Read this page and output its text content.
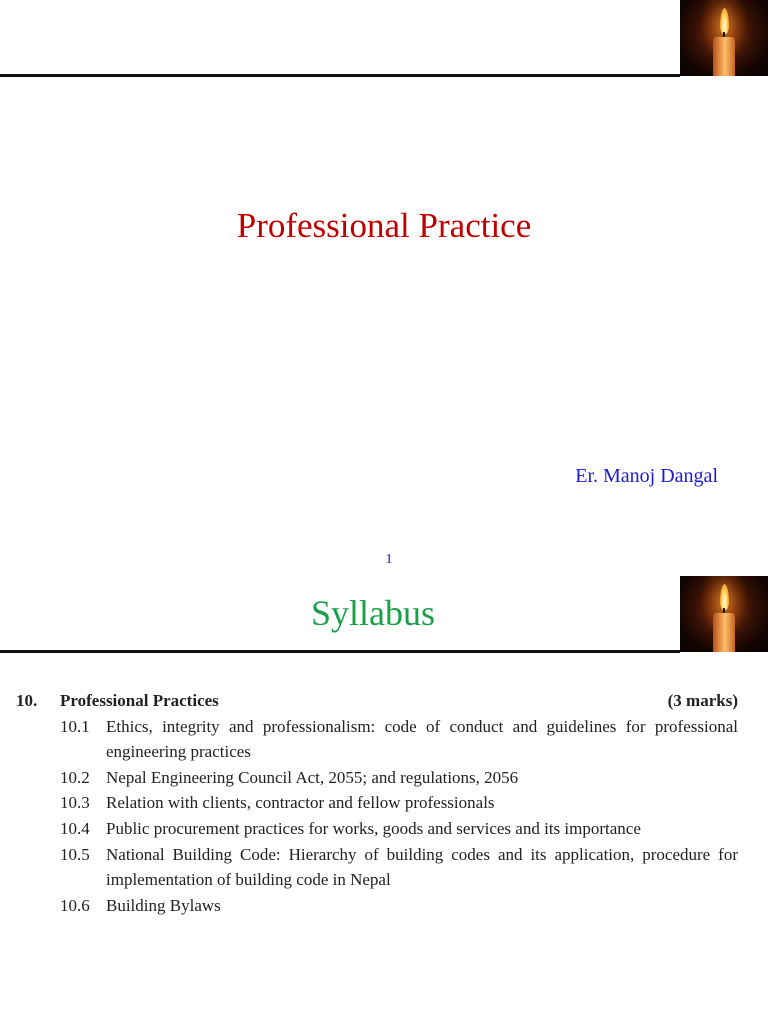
Professional Practice
Er. Manoj Dangal
1
Syllabus
10.	Professional Practices	(3 marks)
10.1 Ethics, integrity and professionalism: code of conduct and guidelines for professional engineering practices
10.2 Nepal Engineering Council Act, 2055; and regulations, 2056
10.3 Relation with clients, contractor and fellow professionals
10.4 Public procurement practices for works, goods and services and its importance
10.5 National Building Code: Hierarchy of building codes and its application, procedure for implementation of building code in Nepal
10.6 Building Bylaws
